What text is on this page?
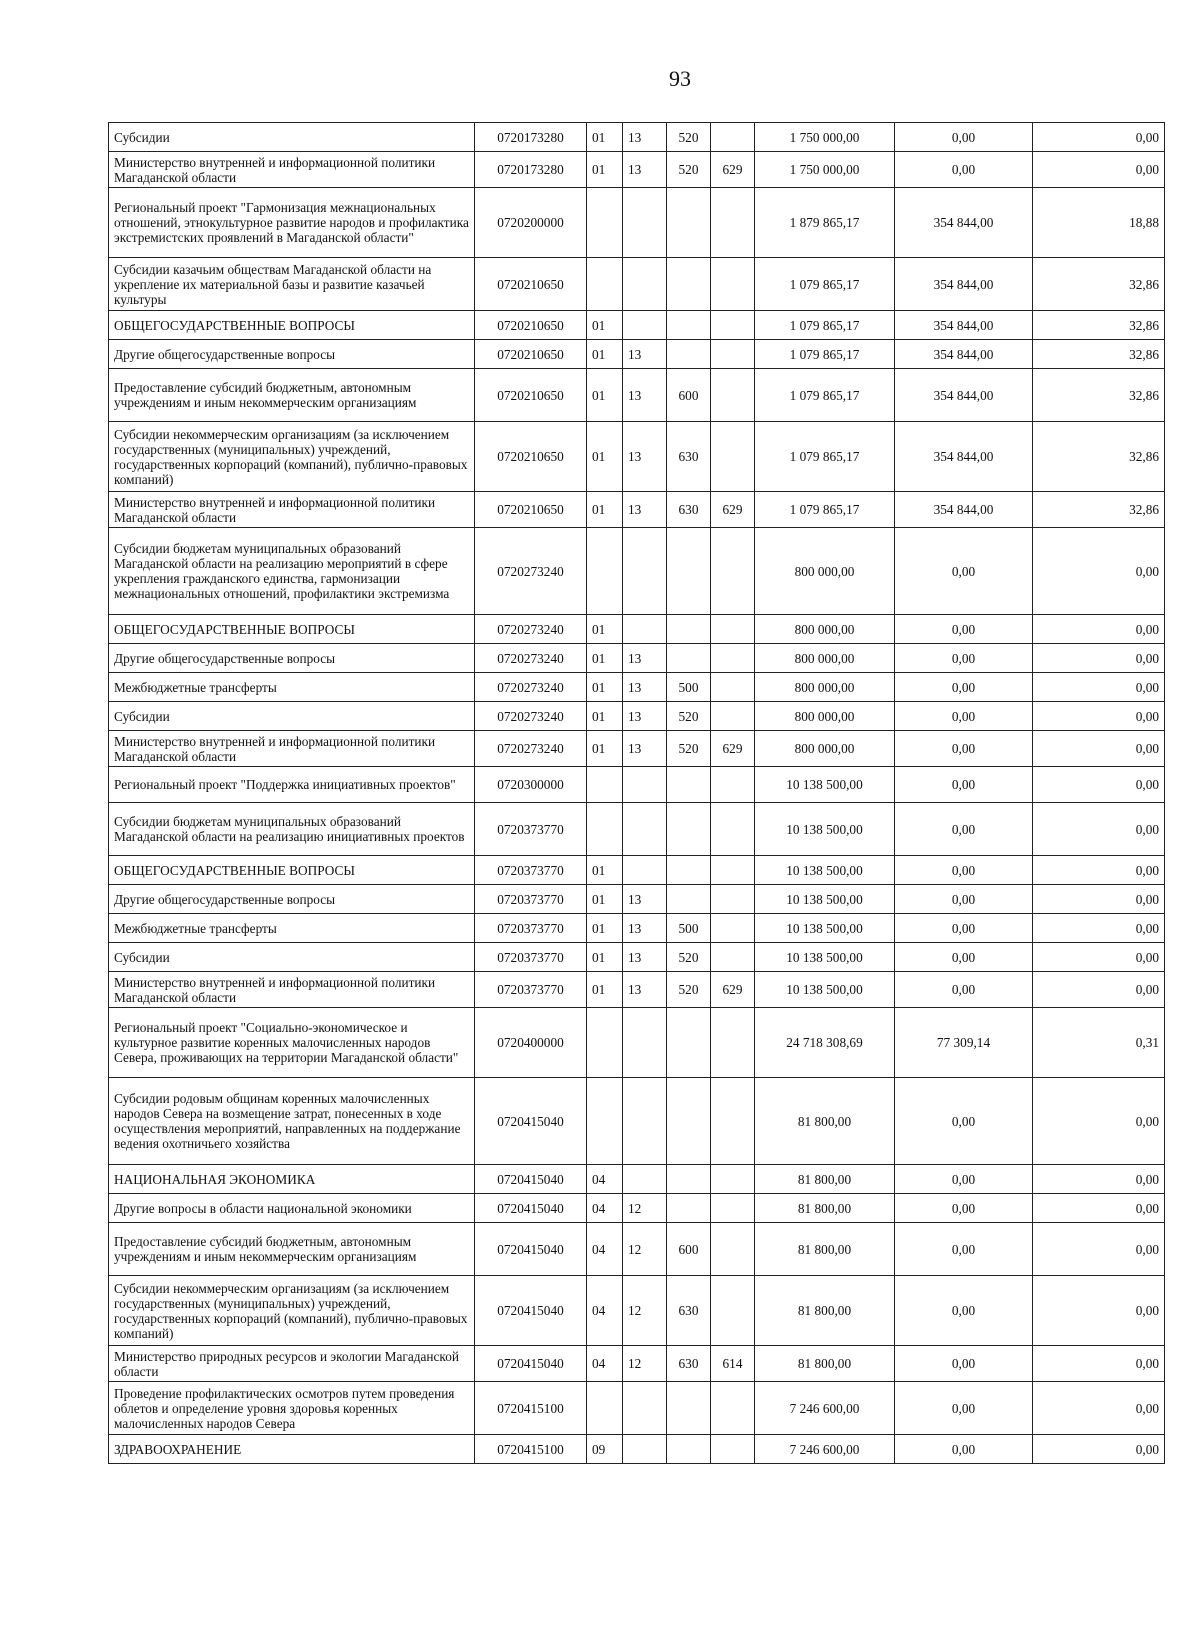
93
Субсидии	0720173280	01	13	520		1 750 000,00	0,00	0,00
Министерство внутренней и информационной политики Магаданской области	0720173280	01	13	520	629	1 750 000,00	0,00	0,00
Региональный проект "Гармонизация межнациональных отношений, этнокультурное развитие народов и профилактика экстремистских проявлений в Магаданской области"	0720200000					1 879 865,17	354 844,00	18,88
Субсидии казачьим обществам Магаданской области на укрепление их материальной базы и развитие казачьей культуры	0720210650					1 079 865,17	354 844,00	32,86
ОБЩЕГОСУДАРСТВЕННЫЕ ВОПРОСЫ	0720210650	01				1 079 865,17	354 844,00	32,86
Другие общегосударственные вопросы	0720210650	01	13			1 079 865,17	354 844,00	32,86
Предоставление субсидий бюджетным, автономным учреждениям и иным некоммерческим организациям	0720210650	01	13	600		1 079 865,17	354 844,00	32,86
Субсидии некоммерческим организациям (за исключением государственных (муниципальных) учреждений, государственных корпораций (компаний), публично-правовых компаний)	0720210650	01	13	630		1 079 865,17	354 844,00	32,86
Министерство внутренней и информационной политики Магаданской области	0720210650	01	13	630	629	1 079 865,17	354 844,00	32,86
Субсидии бюджетам муниципальных образований Магаданской области на реализацию мероприятий в сфере укрепления гражданского единства, гармонизации межнациональных отношений, профилактики экстремизма	0720273240					800 000,00	0,00	0,00
ОБЩЕГОСУДАРСТВЕННЫЕ ВОПРОСЫ	0720273240	01				800 000,00	0,00	0,00
Другие общегосударственные вопросы	0720273240	01	13			800 000,00	0,00	0,00
Межбюджетные трансферты	0720273240	01	13	500		800 000,00	0,00	0,00
Субсидии	0720273240	01	13	520		800 000,00	0,00	0,00
Министерство внутренней и информационной политики Магаданской области	0720273240	01	13	520	629	800 000,00	0,00	0,00
Региональный проект "Поддержка инициативных проектов"	0720300000					10 138 500,00	0,00	0,00
Субсидии бюджетам муниципальных образований Магаданской области на реализацию инициативных проектов	0720373770					10 138 500,00	0,00	0,00
ОБЩЕГОСУДАРСТВЕННЫЕ ВОПРОСЫ	0720373770	01				10 138 500,00	0,00	0,00
Другие общегосударственные вопросы	0720373770	01	13			10 138 500,00	0,00	0,00
Межбюджетные трансферты	0720373770	01	13	500		10 138 500,00	0,00	0,00
Субсидии	0720373770	01	13	520		10 138 500,00	0,00	0,00
Министерство внутренней и информационной политики Магаданской области	0720373770	01	13	520	629	10 138 500,00	0,00	0,00
Региональный проект "Социально-экономическое и культурное развитие коренных малочисленных народов Севера, проживающих на территории Магаданской области"	0720400000					24 718 308,69	77 309,14	0,31
Субсидии родовым общинам коренных малочисленных народов Севера на возмещение затрат, понесенных в ходе осуществления мероприятий, направленных на поддержание ведения охотничьего хозяйства	0720415040					81 800,00	0,00	0,00
НАЦИОНАЛЬНАЯ ЭКОНОМИКА	0720415040	04				81 800,00	0,00	0,00
Другие вопросы в области национальной экономики	0720415040	04	12			81 800,00	0,00	0,00
Предоставление субсидий бюджетным, автономным учреждениям и иным некоммерческим организациям	0720415040	04	12	600		81 800,00	0,00	0,00
Субсидии некоммерческим организациям (за исключением государственных (муниципальных) учреждений, государственных корпораций (компаний), публично-правовых компаний)	0720415040	04	12	630		81 800,00	0,00	0,00
Министерство природных ресурсов и экологии Магаданской области	0720415040	04	12	630	614	81 800,00	0,00	0,00
Проведение профилактических осмотров путем проведения облетов и определение уровня здоровья коренных малочисленных народов Севера	0720415100					7 246 600,00	0,00	0,00
ЗДРАВООХРАНЕНИЕ	0720415100	09				7 246 600,00	0,00	0,00
